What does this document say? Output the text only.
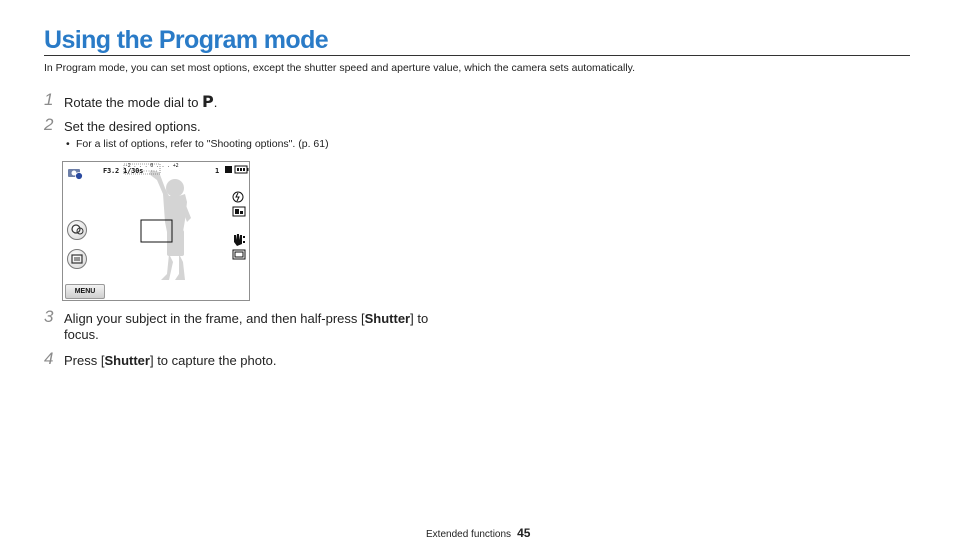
Using the Program mode
In Program mode, you can set most options, except the shutter speed and aperture value, which the camera sets automatically.
1 Rotate the mode dial to P.
2 Set the desired options.
• For a list of options, refer to "Shooting options". (p. 61)
F3.2 1/30s
-2 . . . 0 . . . +2
1
MENU
3 Align your subject in the frame, and then half-press [Shutter] to
focus.
4 Press [Shutter] to capture the photo.
Extended functions 45
